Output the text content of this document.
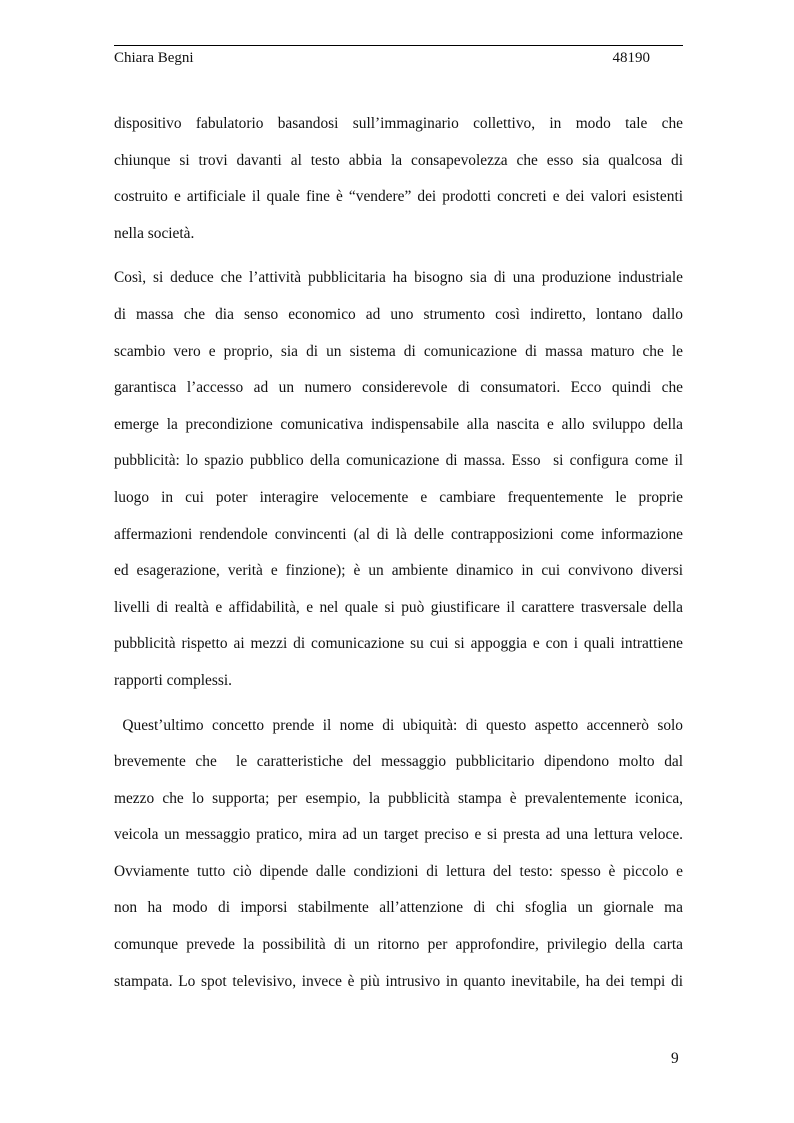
Chiara Begni	48190
dispositivo fabulatorio basandosi sull’immaginario collettivo, in modo tale che
chiunque si trovi davanti al testo abbia la consapevolezza che esso sia qualcosa di
costruito e artificiale il quale fine è “vendere” dei prodotti concreti e dei valori esistenti
nella società.
Così, si deduce che l’attività pubblicitaria ha bisogno sia di una produzione industriale
di massa che dia senso economico ad uno strumento così indiretto, lontano dallo
scambio vero e proprio, sia di un sistema di comunicazione di massa maturo che le
garantisca l’accesso ad un numero considerevole di consumatori. Ecco quindi che
emerge la precondizione comunicativa indispensabile alla nascita e allo sviluppo della
pubblicità: lo spazio pubblico della comunicazione di massa. Esso  si configura come il
luogo in cui poter interagire velocemente e cambiare frequentemente le proprie
affermazioni rendendole convincenti (al di là delle contrapposizioni come informazione
ed esagerazione, verità e finzione); è un ambiente dinamico in cui convivono diversi
livelli di realtà e affidabilità, e nel quale si può giustificare il carattere trasversale della
pubblicità rispetto ai mezzi di comunicazione su cui si appoggia e con i quali intrattiene
rapporti complessi.
Quest’ultimo concetto prende il nome di ubiquità: di questo aspetto accennerò solo
brevemente che  le caratteristiche del messaggio pubblicitario dipendono molto dal
mezzo che lo supporta; per esempio, la pubblicità stampa è prevalentemente iconica,
veicola un messaggio pratico, mira ad un target preciso e si presta ad una lettura veloce.
Ovviamente tutto ciò dipende dalle condizioni di lettura del testo: spesso è piccolo e
non ha modo di imporsi stabilmente all’attenzione di chi sfoglia un giornale ma
comunque prevede la possibilità di un ritorno per approfondire, privilegio della carta
stampata. Lo spot televisivo, invece è più intrusivo in quanto inevitabile, ha dei tempi di
9
